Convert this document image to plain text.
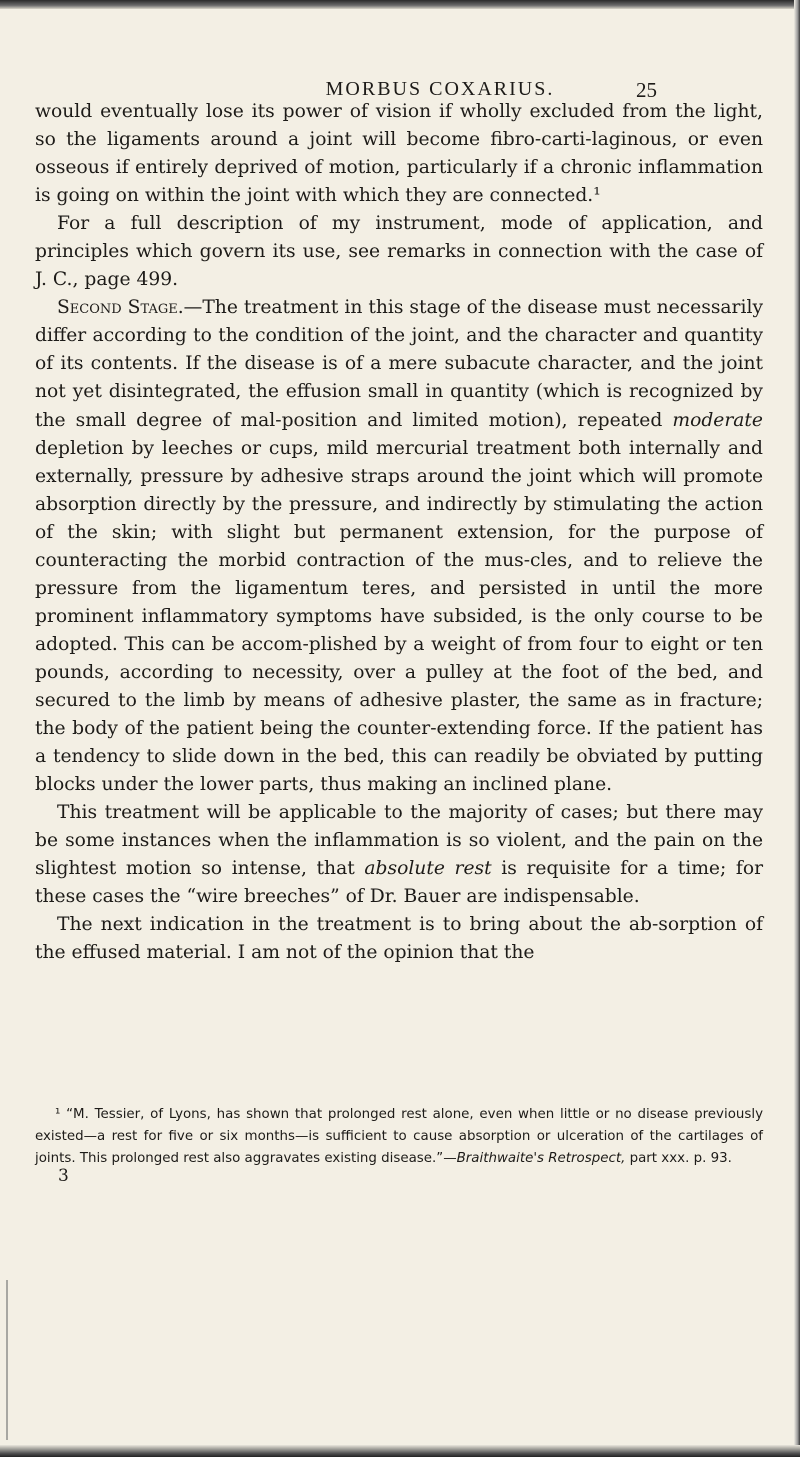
MORBUS COXARIUS.	25

would eventually lose its power of vision if wholly excluded from the light, so the ligaments around a joint will become fibro-carti-laginous, or even osseous if entirely deprived of motion, particularly if a chronic inflammation is going on within the joint with which they are connected.¹

For a full description of my instrument, mode of application, and principles which govern its use, see remarks in connection with the case of J. C., page 499.

Second Stage.—The treatment in this stage of the disease must necessarily differ according to the condition of the joint, and the character and quantity of its contents. If the disease is of a mere subacute character, and the joint not yet disintegrated, the effusion small in quantity (which is recognized by the small degree of mal-position and limited motion), repeated moderate depletion by leeches or cups, mild mercurial treatment both internally and externally, pressure by adhesive straps around the joint which will promote absorption directly by the pressure, and indirectly by stimulating the action of the skin; with slight but permanent extension, for the purpose of counteracting the morbid contraction of the mus-cles, and to relieve the pressure from the ligamentum teres, and persisted in until the more prominent inflammatory symptoms have subsided, is the only course to be adopted. This can be accom-plished by a weight of from four to eight or ten pounds, according to necessity, over a pulley at the foot of the bed, and secured to the limb by means of adhesive plaster, the same as in fracture; the body of the patient being the counter-extending force. If the patient has a tendency to slide down in the bed, this can readily be obviated by putting blocks under the lower parts, thus making an inclined plane.

This treatment will be applicable to the majority of cases; but there may be some instances when the inflammation is so violent, and the pain on the slightest motion so intense, that absolute rest is requisite for a time; for these cases the “wire breeches” of Dr. Bauer are indispensable.

The next indication in the treatment is to bring about the ab-sorption of the effused material. I am not of the opinion that the

¹ “M. Tessier, of Lyons, has shown that prolonged rest alone, even when little or no disease previously existed—a rest for five or six months—is sufficient to cause absorption or ulceration of the cartilages of joints. This prolonged rest also aggravates existing disease.”—Braithwaite's Retrospect, part xxx. p. 93.

3
